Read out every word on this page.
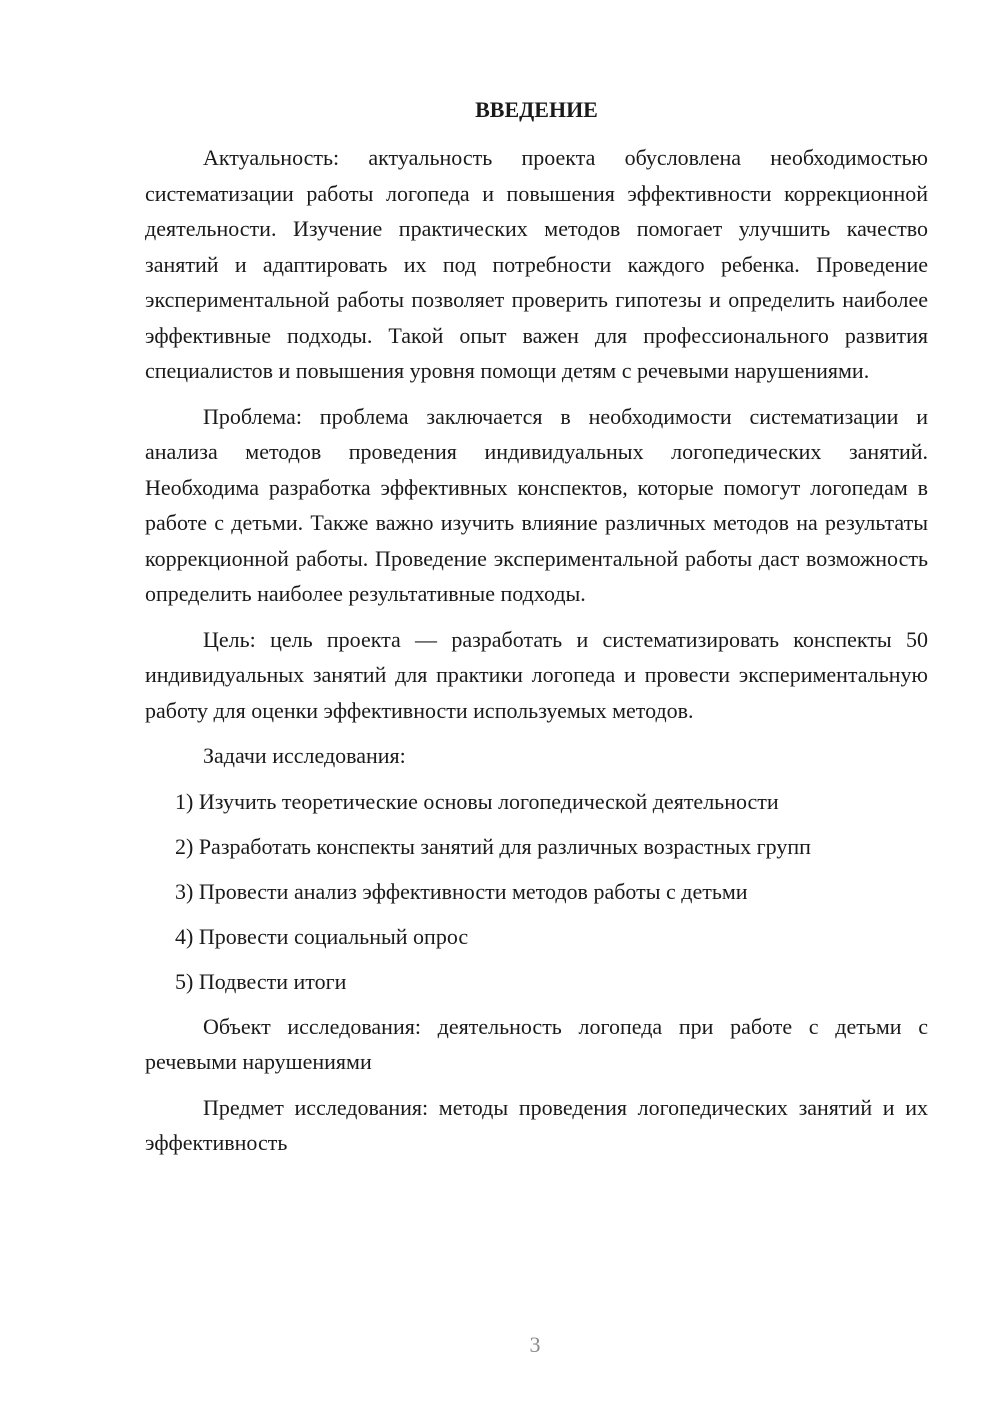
ВВЕДЕНИЕ

Актуальность: актуальность проекта обусловлена необходимостью систематизации работы логопеда и повышения эффективности коррекционной деятельности. Изучение практических методов помогает улучшить качество занятий и адаптировать их под потребности каждого ребенка. Проведение экспериментальной работы позволяет проверить гипотезы и определить наиболее эффективные подходы. Такой опыт важен для профессионального развития специалистов и повышения уровня помощи детям с речевыми нарушениями.

Проблема: проблема заключается в необходимости систематизации и анализа методов проведения индивидуальных логопедических занятий. Необходима разработка эффективных конспектов, которые помогут логопедам в работе с детьми. Также важно изучить влияние различных методов на результаты коррекционной работы. Проведение экспериментальной работы даст возможность определить наиболее результативные подходы.

Цель: цель проекта — разработать и систематизировать конспекты 50 индивидуальных занятий для практики логопеда и провести экспериментальную работу для оценки эффективности используемых методов.

Задачи исследования:

1) Изучить теоретические основы логопедической деятельности
2) Разработать конспекты занятий для различных возрастных групп
3) Провести анализ эффективности методов работы с детьми
4) Провести социальный опрос
5) Подвести итоги

Объект исследования: деятельность логопеда при работе с детьми с речевыми нарушениями

Предмет исследования: методы проведения логопедических занятий и их эффективность

3
